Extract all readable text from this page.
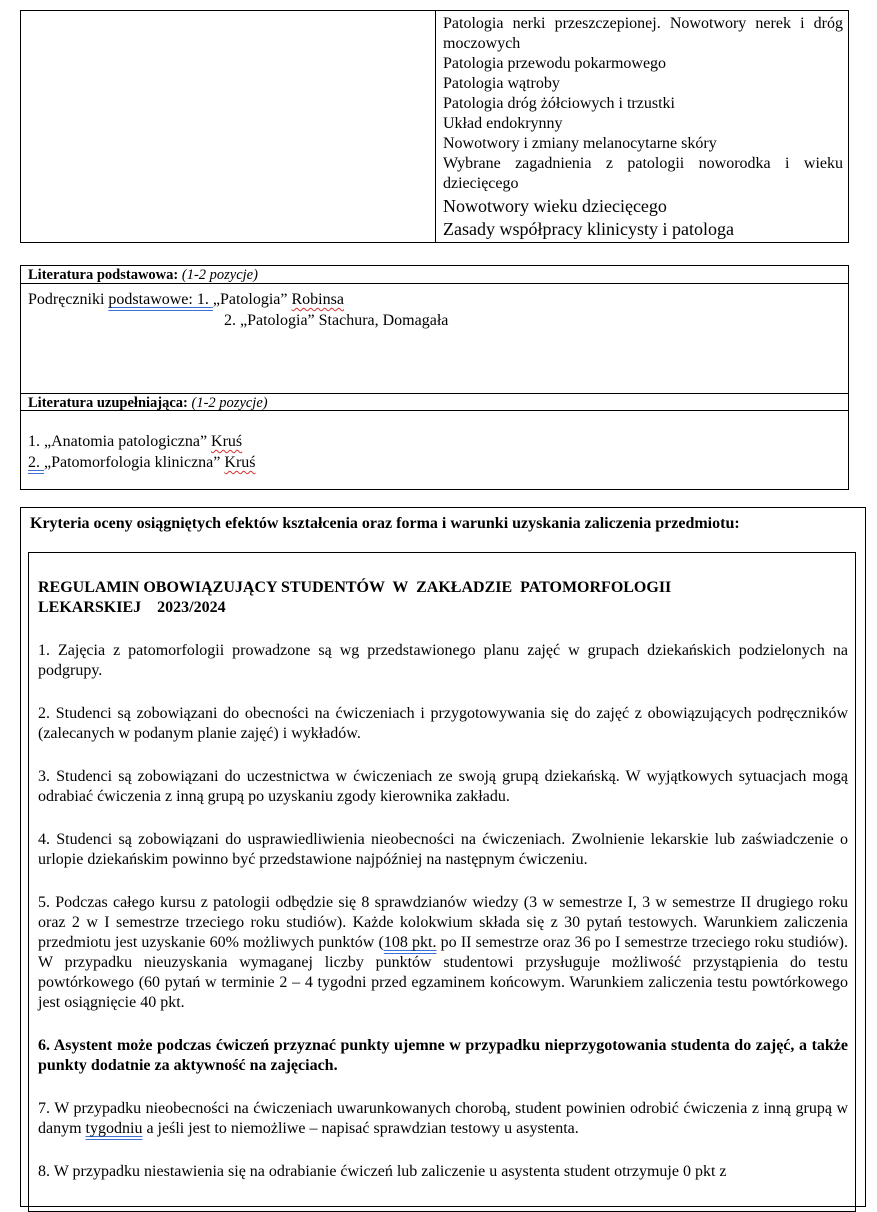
Patologia nerki przeszczepionej. Nowotwory nerek i dróg moczowych
Patologia przewodu pokarmowego
Patologia wątroby
Patologia dróg żółciowych i trzustki
Układ endokrynny
Nowotwory i zmiany melanocytarne skóry
Wybrane zagadnienia z patologii noworodka i wieku dziecięcego
Nowotwory wieku dziecięcego
Zasady współpracy klinicysty i patologa
Literatura podstawowa: (1-2 pozycje)
Podręczniki podstawowe: 1. „Patologia” Robinsa
2. „Patologia” Stachura, Domagała
Literatura uzupełniająca: (1-2 pozycje)
1. „Anatomia patologiczna” Kruś
2. „Patomorfologia kliniczna” Kruś
Kryteria oceny osiągniętych efektów kształcenia oraz forma i warunki uzyskania zaliczenia przedmiotu:

REGULAMIN OBOWIĄZUJĄCY STUDENTÓW  W  ZAKŁADZIE  PATOMORFOLOGII
LEKARSKIEJ    2023/2024

1. Zajęcia z patomorfologii prowadzone są wg przedstawionego planu zajęć w grupach dziekańskich podzielonych na podgrupy.

2. Studenci są zobowiązani do obecności na ćwiczeniach i przygotowywania się do zajęć z obowiązujących podręczników (zalecanych w podanym planie zajęć) i wykładów.

3. Studenci są zobowiązani do uczestnictwa w ćwiczeniach ze swoją grupą dziekańską. W wyjątkowych sytuacjach mogą odrabiać ćwiczenia z inną grupą po uzyskaniu zgody kierownika zakładu.

4. Studenci są zobowiązani do usprawiedliwienia nieobecności na ćwiczeniach. Zwolnienie lekarskie lub zaświadczenie o urlopie dziekańskim powinno być przedstawione najpóźniej na następnym ćwiczeniu.

5. Podczas całego kursu z patologii odbędzie się 8 sprawdzianów wiedzy (3 w semestrze I, 3 w semestrze II drugiego roku oraz 2 w I semestrze trzeciego roku studiów). Każde kolokwium składa się z 30 pytań testowych. Warunkiem zaliczenia przedmiotu jest uzyskanie 60% możliwych punktów (108 pkt. po II semestrze oraz 36 po I semestrze trzeciego roku studiów). W przypadku nieuzyskania wymaganej liczby punktów studentowi przysługuje możliwość przystąpienia do testu powtórkowego (60 pytań w terminie 2 – 4 tygodni przed egzaminem końcowym. Warunkiem zaliczenia testu powtórkowego jest osiągnięcie 40 pkt.

6. Asystent może podczas ćwiczeń przyznać punkty ujemne w przypadku nieprzygotowania studenta do zajęć, a także punkty dodatnie za aktywność na zajęciach.

7. W przypadku nieobecności na ćwiczeniach uwarunkowanych chorobą, student powinien odrobić ćwiczenia z inną grupą w danym tygodniu a jeśli jest to niemożliwe – napisać sprawdzian testowy u asystenta.

8. W przypadku niestawienia się na odrabianie ćwiczeń lub zaliczenie u asystenta student otrzymuje 0 pkt z
